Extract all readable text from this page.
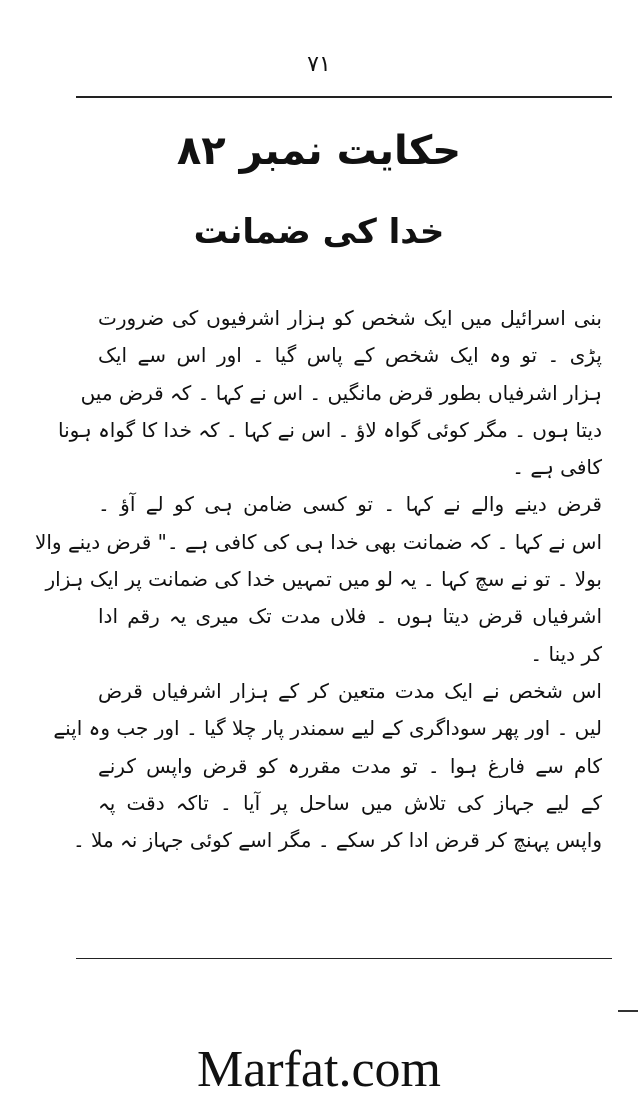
٧١
حکایت نمبر ۸۲
خدا کی ضمانت
بنی اسرائیل میں ایک شخص کو ہزار اشرفیوں کی ضرورت
پڑی ۔ تو وہ ایک شخص کے پاس گیا ۔ اور اس سے ایک
ہزار اشرفیاں بطور قرض مانگیں ۔ اس نے کہا ۔ کہ قرض میں
دیتا ہوں ۔ مگر کوئی گواہ لاؤ ۔ اس نے کہا ۔ کہ خدا کا گواہ ہونا
کافی ہے ۔
قرض دینے والے نے کہا ۔ تو کسی ضامن ہی کو لے آؤ ۔
اس نے کہا ۔ کہ ضمانت بھی خدا ہی کی کافی ہے ۔" قرض دینے والا
بولا ۔ تو نے سچ کہا ۔ یہ لو میں تمہیں خدا کی ضمانت پر ایک ہزار
اشرفیاں قرض دیتا ہوں ۔ فلاں مدت تک میری یہ رقم ادا
کر دینا ۔
اس شخص نے ایک مدت متعین کر کے ہزار اشرفیاں قرض
لیں ۔ اور پھر سوداگری کے لیے سمندر پار چلا گیا ۔ اور جب وہ اپنے
کام سے فارغ ہوا ۔ تو مدت مقررہ کو قرض واپس کرنے
کے لیے جہاز کی تلاش میں ساحل پر آیا ۔ تاکہ دقت پہ
واپس پہنچ کر قرض ادا کر سکے ۔ مگر اسے کوئی جہاز نہ ملا ۔
Marfat.com
